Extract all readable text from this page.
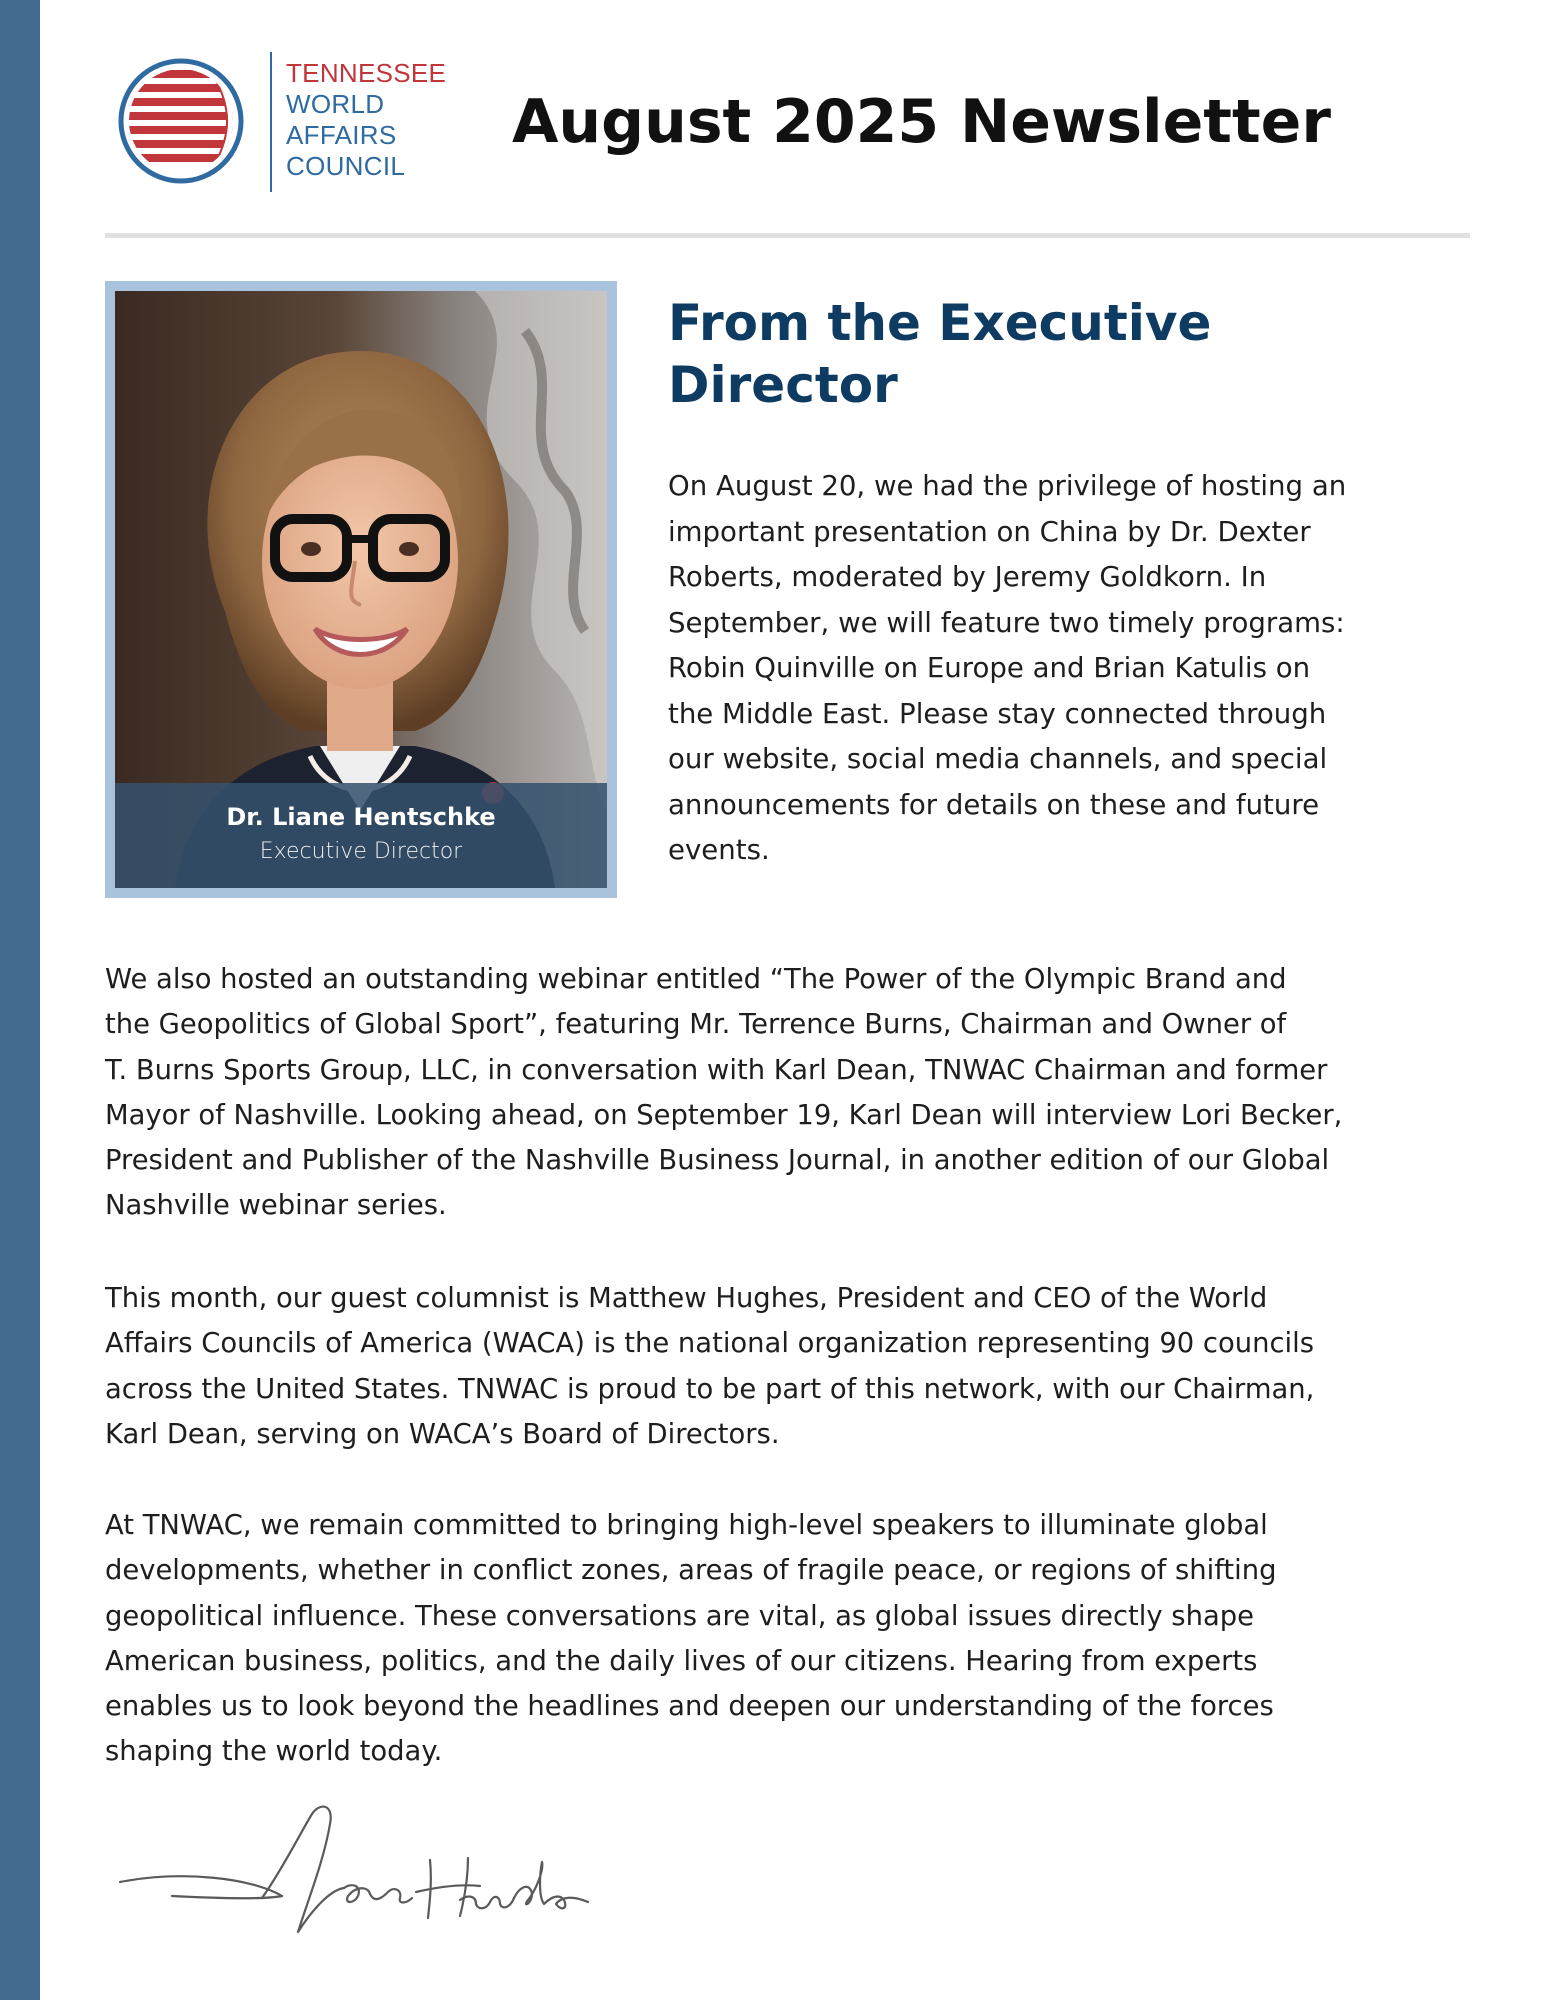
TENNESSEE
WORLD
AFFAIRS
COUNCIL
August 2025 Newsletter
Dr. Liane Hentschke
Executive Director
From the Executive
Director

On August 20, we had the privilege of hosting an
important presentation on China by Dr. Dexter
Roberts, moderated by Jeremy Goldkorn. In
September, we will feature two timely programs:
Robin Quinville on Europe and Brian Katulis on
the Middle East. Please stay connected through
our website, social media channels, and special
announcements for details on these and future
events.

We also hosted an outstanding webinar entitled “The Power of the Olympic Brand and
the Geopolitics of Global Sport”, featuring Mr. Terrence Burns, Chairman and Owner of
T. Burns Sports Group, LLC, in conversation with Karl Dean, TNWAC Chairman and former
Mayor of Nashville. Looking ahead, on September 19, Karl Dean will interview Lori Becker,
President and Publisher of the Nashville Business Journal, in another edition of our Global
Nashville webinar series.

This month, our guest columnist is Matthew Hughes, President and CEO of the World
Affairs Councils of America (WACA) is the national organization representing 90 councils
across the United States. TNWAC is proud to be part of this network, with our Chairman,
Karl Dean, serving on WACA’s Board of Directors.

At TNWAC, we remain committed to bringing high-level speakers to illuminate global
developments, whether in conflict zones, areas of fragile peace, or regions of shifting
geopolitical influence. These conversations are vital, as global issues directly shape
American business, politics, and the daily lives of our citizens. Hearing from experts
enables us to look beyond the headlines and deepen our understanding of the forces
shaping the world today.
